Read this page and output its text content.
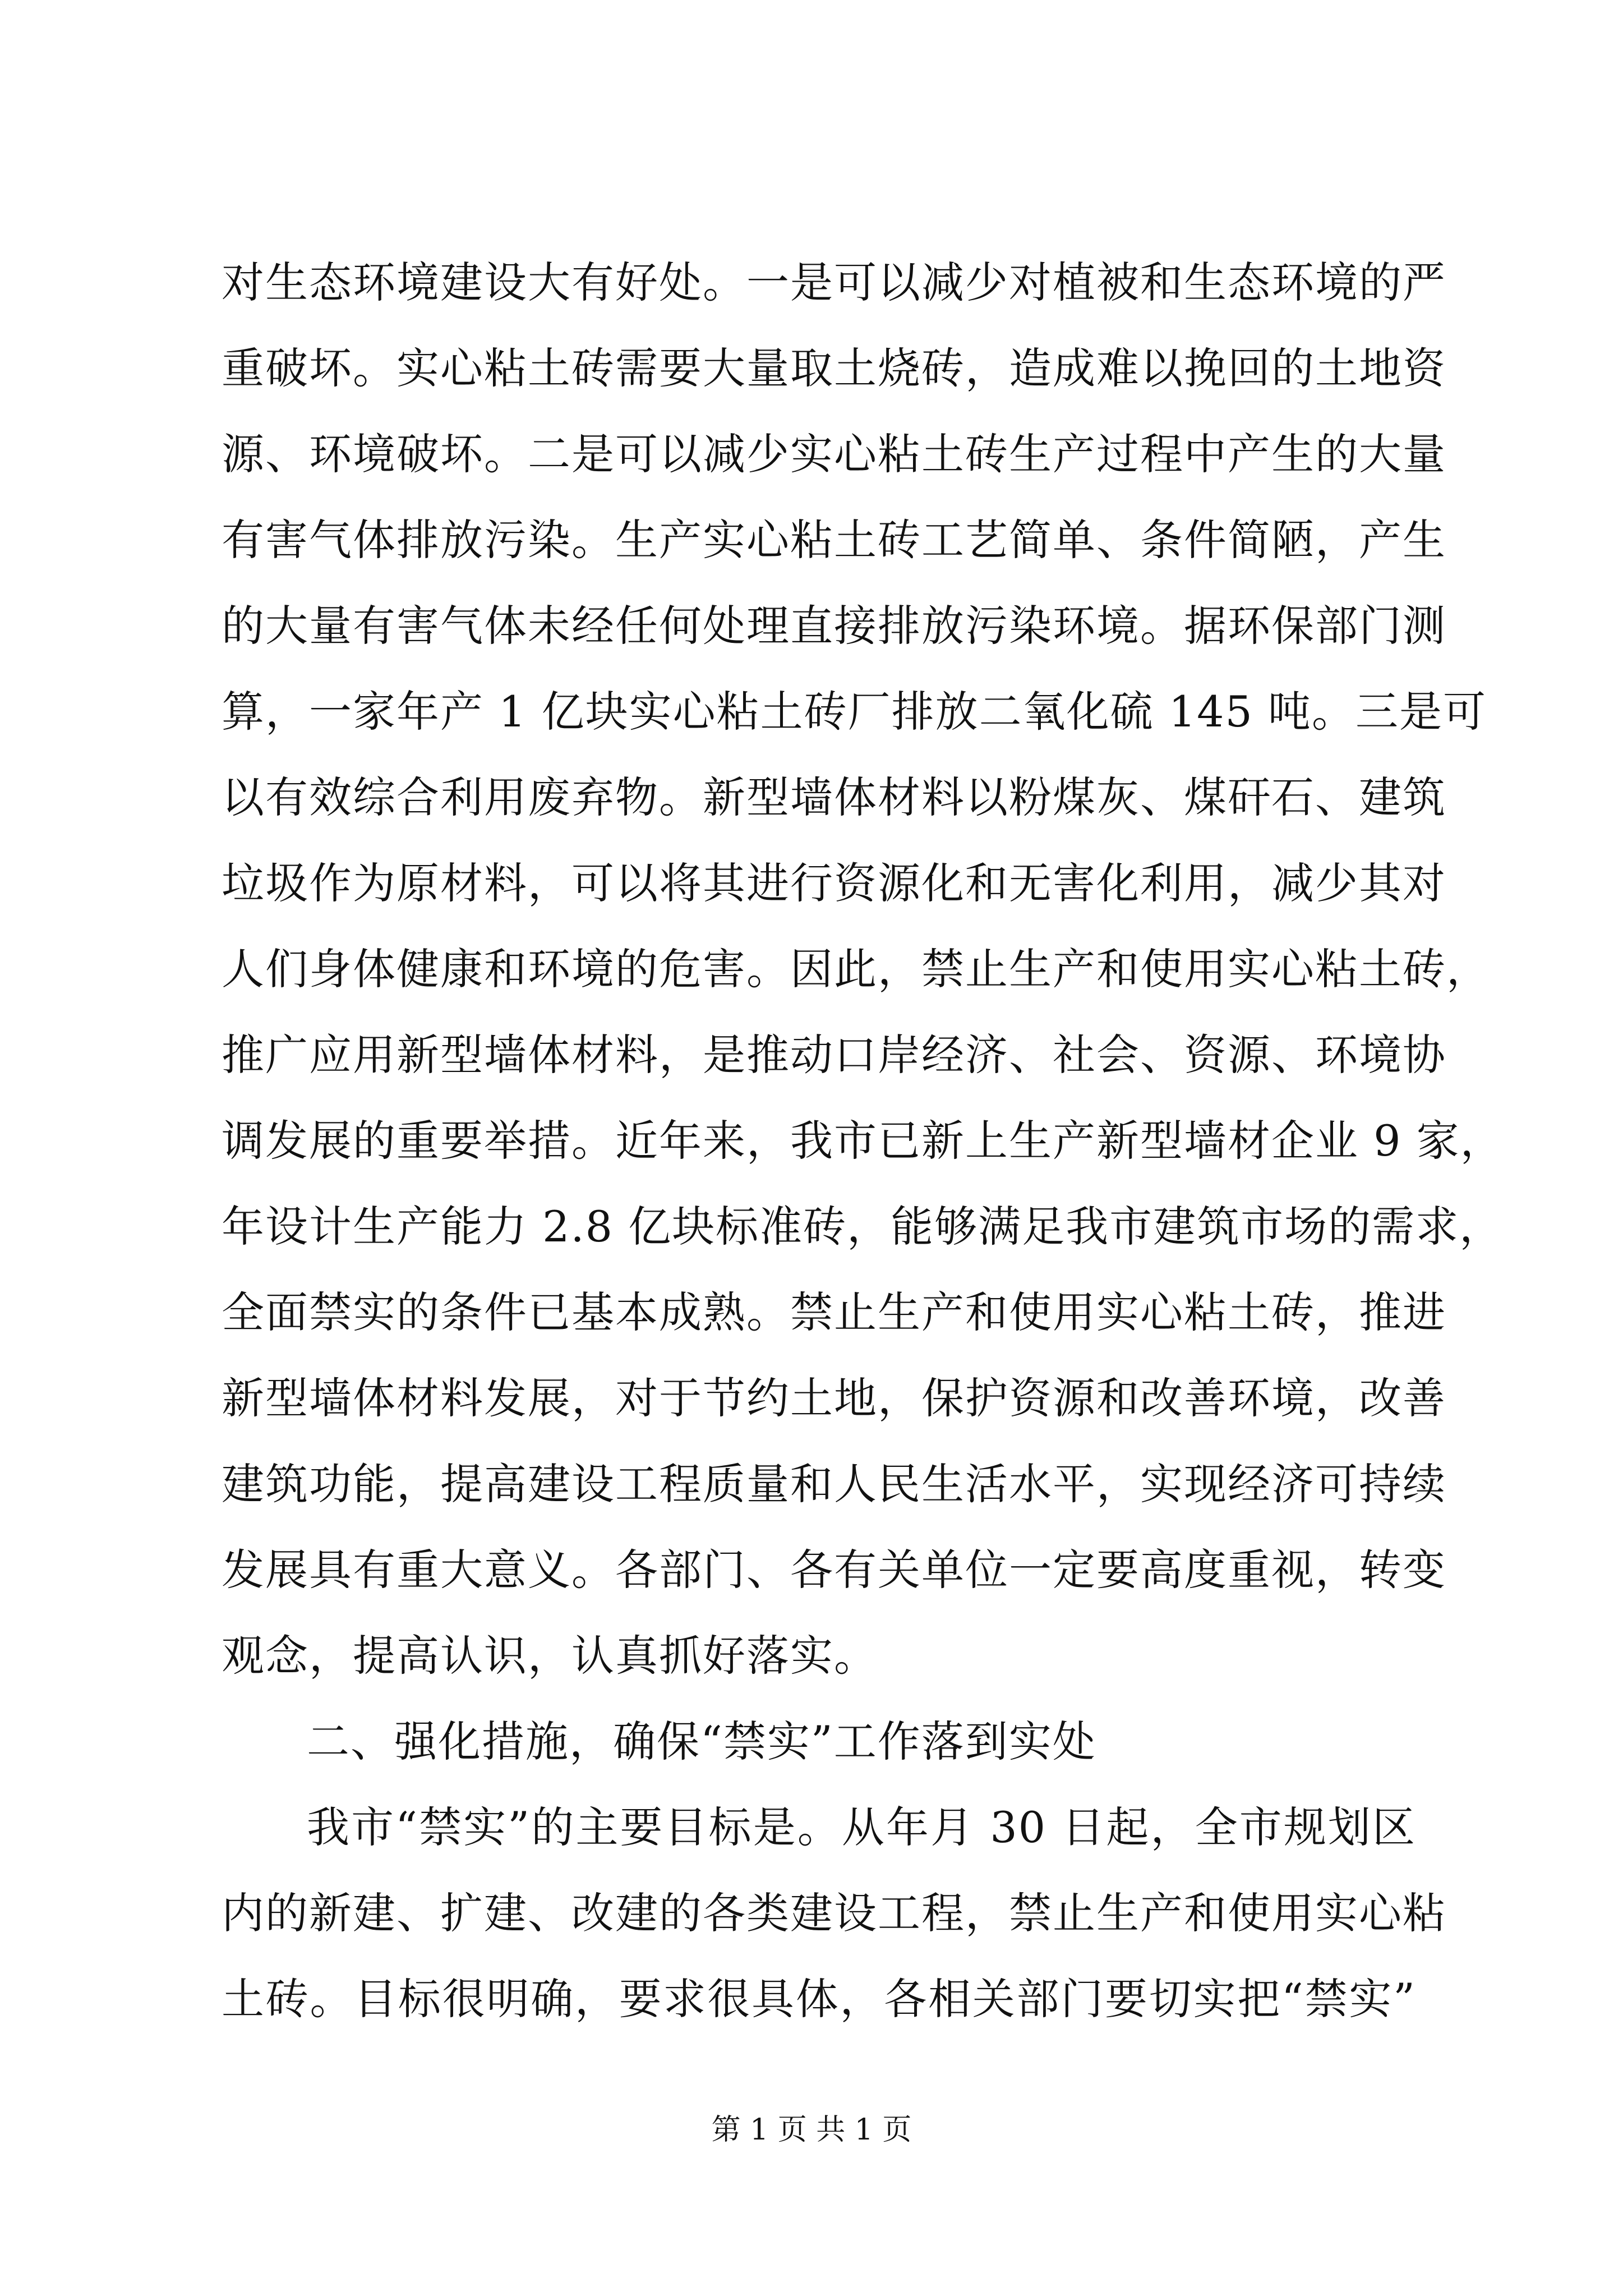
对生态环境建设大有好处。一是可以减少对植被和生态环境的严
重破坏。实心粘土砖需要大量取土烧砖，造成难以挽回的土地资
源、环境破坏。二是可以减少实心粘土砖生产过程中产生的大量
有害气体排放污染。生产实心粘土砖工艺简单、条件简陋，产生
的大量有害气体未经任何处理直接排放污染环境。据环保部门测
算，一家年产 1 亿块实心粘土砖厂排放二氧化硫 145 吨。三是可
以有效综合利用废弃物。新型墙体材料以粉煤灰、煤矸石、建筑
垃圾作为原材料，可以将其进行资源化和无害化利用，减少其对
人们身体健康和环境的危害。因此，禁止生产和使用实心粘土砖，
推广应用新型墙体材料，是推动口岸经济、社会、资源、环境协
调发展的重要举措。近年来，我市已新上生产新型墙材企业 9 家，
年设计生产能力 2.8 亿块标准砖，能够满足我市建筑市场的需求，
全面禁实的条件已基本成熟。禁止生产和使用实心粘土砖，推进
新型墙体材料发展，对于节约土地，保护资源和改善环境，改善
建筑功能，提高建设工程质量和人民生活水平，实现经济可持续
发展具有重大意义。各部门、各有关单位一定要高度重视，转变
观念，提高认识，认真抓好落实。
二、强化措施，确保“禁实”工作落到实处
我市“禁实”的主要目标是。从年月 30 日起，全市规划区
内的新建、扩建、改建的各类建设工程，禁止生产和使用实心粘
土砖。目标很明确，要求很具体，各相关部门要切实把“禁实”
第 1 页 共 1 页
